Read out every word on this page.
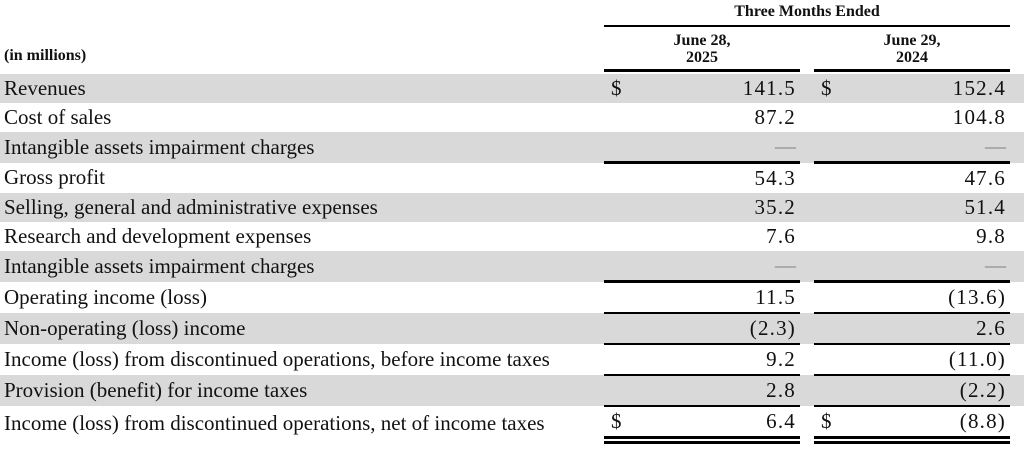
	Three Months Ended			
(in millions)	
June 28,
2025

June 29,
2024

Revenues	$ 141.5		$ 152.4	

Cost of sales	87.2		104.8	

Intangible assets impairment charges	—		—	

Gross profit	54.3		47.6	

Selling, general and administrative expenses	35.2		51.4	

Research and development expenses	7.6		9.8	

Intangible assets impairment charges	—		—	

Operating income (loss)	11.5		(13.6)	

Non-operating (loss) income	(2.3)		2.6	

Income (loss) from discontinued operations, before income taxes	9.2		(11.0)	

Provision (benefit) for income taxes	2.8		(2.2)	

Income (loss) from discontinued operations, net of income taxes	$ 6.4		$ (8.8)	
